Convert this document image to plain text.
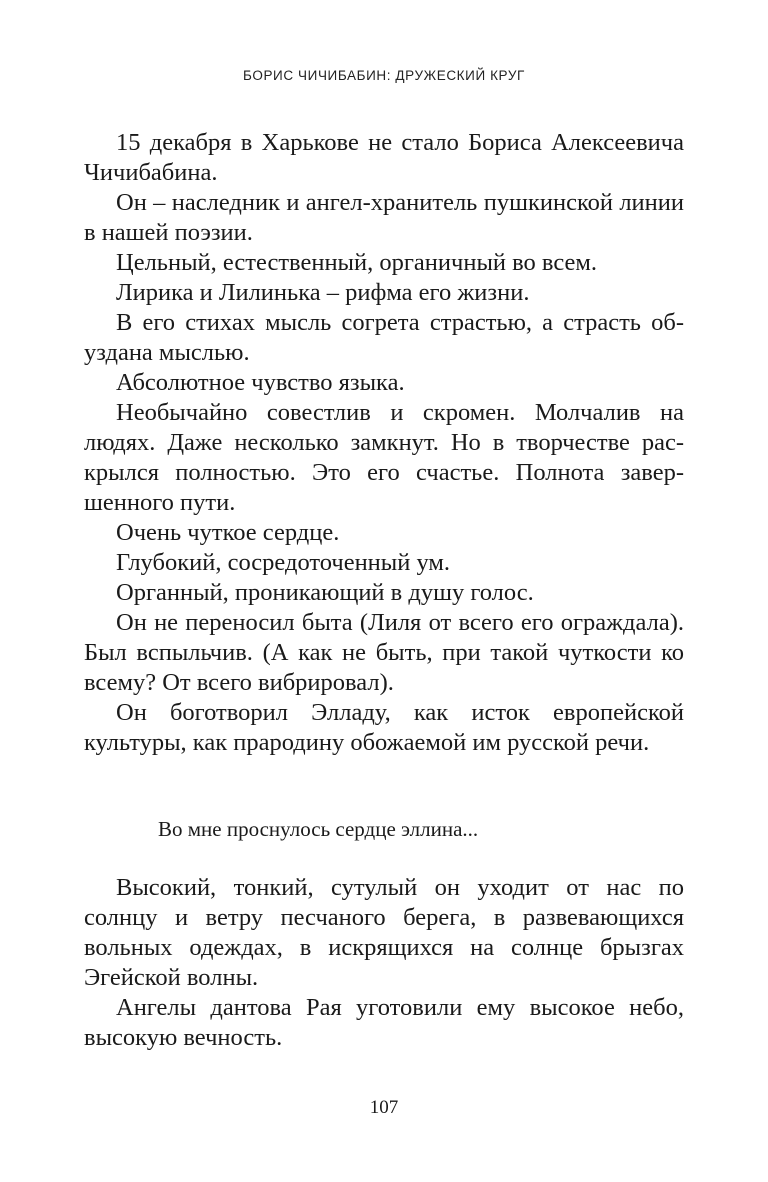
БОРИС ЧИЧИБАБИН: ДРУЖЕСКИЙ КРУГ

15 декабря в Харькове не стало Бориса Алексеевича Чичибабина.

Он – наследник и ангел-хранитель пушкинской линии в нашей поэзии.

Цельный, естественный, органичный во всем.

Лирика и Лилинька – рифма его жизни.

В его стихах мысль согрета страстью, а страсть обуздана мыслью.

Абсолютное чувство языка.

Необычайно совестлив и скромен. Молчалив на людях. Даже несколько замкнут. Но в творчестве раскрылся полностью. Это его счастье. Полнота завершенного пути.

Очень чуткое сердце.

Глубокий, сосредоточенный ум.

Органный, проникающий в душу голос.

Он не переносил быта (Лиля от всего его ограждала). Был вспыльчив. (А как не быть, при такой чуткости ко всему? От всего вибрировал).

Он боготворил Элладу, как исток европейской культуры, как прародину обожаемой им русской речи.

Во мне проснулось сердце эллина...

Высокий, тонкий, сутулый он уходит от нас по солнцу и ветру песчаного берега, в развевающихся вольных одеждах, в искрящихся на солнце брызгах Эгейской волны.

Ангелы дантова Рая уготовили ему высокое небо, высокую вечность.

107
